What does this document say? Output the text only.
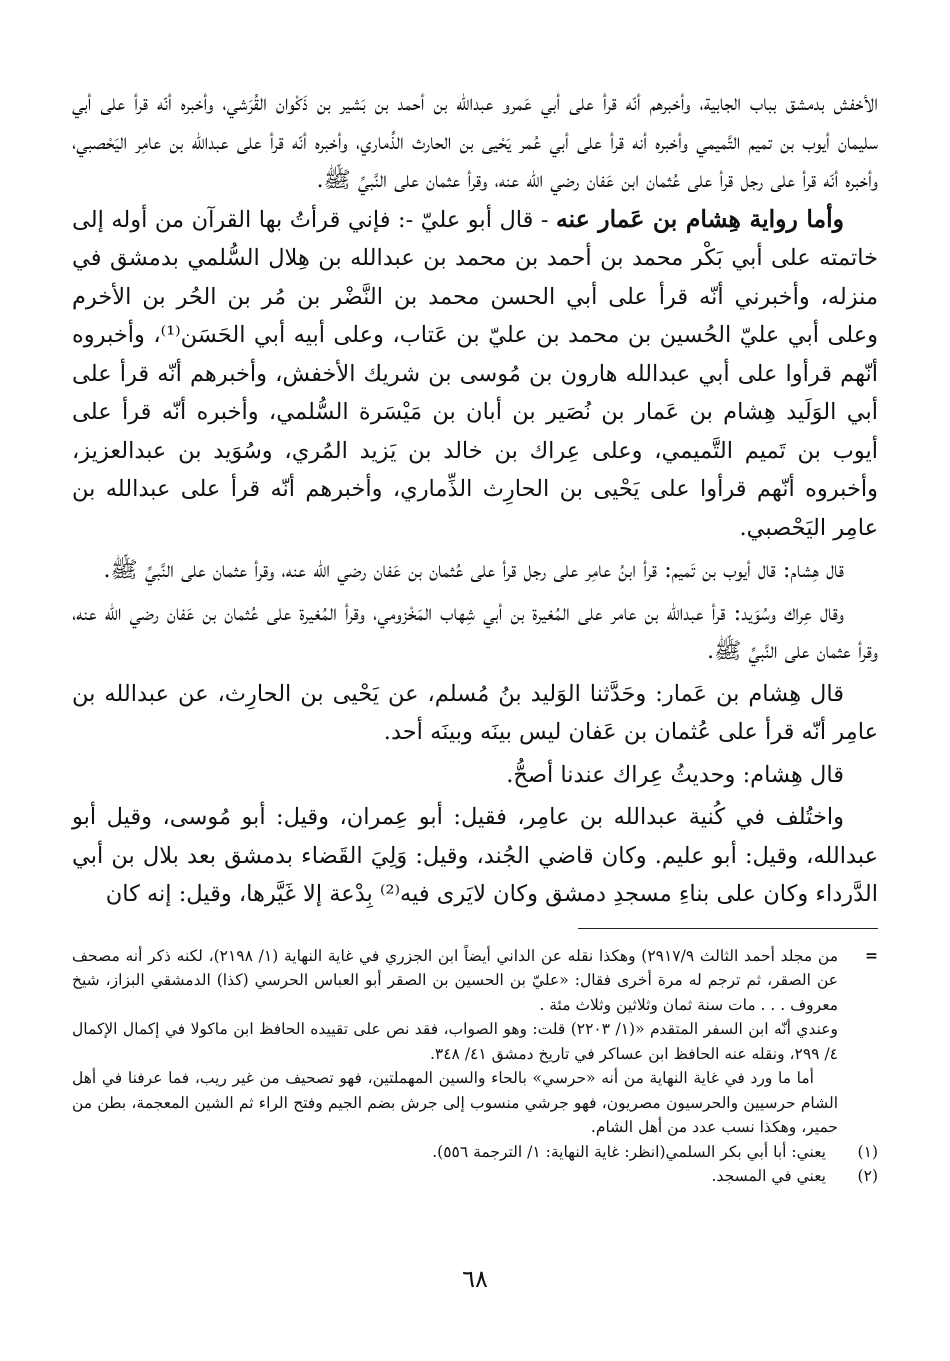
الأخفش بدمشق بباب الجابية، وأخبرهم أنّه قرأ على أبي عَمرو عبدالله بن أحمد بن بَشير بن ذَكْوان القُرَشي، وأخبره أنّه قرأ على أبي سليمان أيوب بن تميم التَّميمي وأخبره أنه قرأ على أبي عُمر يَحْيى بن الحارث الذِّماري، وأخبره أنّه قرأ على عبدالله بن عامِر اليَحْصبي، وأخبره أنّه قرأ على رجل قرأ على عُثمان ابن عَفان رضي الله عنه، وقرأ عثمان على النَّبيِّ ﷺ.

وأما رواية هِشام بن عَمار عنه - قال أبو عليّ -: فإني قرأتُ بها القرآن من أوله إلى خاتمته على أبي بَكْر محمد بن أحمد بن محمد بن عبدالله بن هِلال السُّلمي بدمشق في منزله، وأخبرني أنّه قرأ على أبي الحسن محمد بن النَّضْر بن مُر بن الحُر بن الأخرم وعلى أبي عليّ الحُسين بن محمد بن عليّ بن عَتاب، وعلى أبيه أبي الحَسَن⁽¹⁾، وأخبروه أنّهم قرأوا على أبي عبدالله هارون بن مُوسى بن شريك الأخفش، وأخبرهم أنّه قرأ على أبي الوَلَيد هِشام بن عَمار بن نُصَير بن أبان بن مَيْسَرة السُّلمي، وأخبره أنّه قرأ على أيوب بن تَميم التَّميمي، وعلى عِراك بن خالد بن يَزيد المُري، وسُوَيد بن عبدالعزيز، وأخبروه أنّهم قرأوا على يَحْيى بن الحارِث الذِّماري، وأخبرهم أنّه قرأ على عبدالله بن عامِر اليَحْصبي.

قال هِشام: قال أيوب بن تَميم: قرأ ابنُ عامِر على رجل قرأ على عُثمان بن عَفان رضي الله عنه، وقرأ عثمان على النَّبيِّ ﷺ.

وقال عِراك وسُوَيد: قرأ عبدالله بن عامر على المُغيرة بن أبي شِهاب المَخْزومي، وقرأ المُغيرة على عُثمان بن عَفان رضي الله عنه، وقرأ عثمان على النَّبيِّ ﷺ.

قال هِشام بن عَمار: وحَدَّثنا الوَليد بنُ مُسلم، عن يَحْيى بن الحارِث، عن عبدالله بن عامِر أنّه قرأ على عُثمان بن عَفان ليس بينَه وبينَه أحد.

قال هِشام: وحديثُ عِراك عندنا أصحُّ.

واختُلف في كُنية عبدالله بن عامِر، فقيل: أبو عِمران، وقيل: أبو مُوسى، وقيل أبو عبدالله، وقيل: أبو عليم. وكان قاضي الجُند، وقيل: وَلِيَ القَضاء بدمشق بعد بلال بن أبي الدَّرداء وكان على بناءِ مسجدِ دمشق وكان لايَرى فيه⁽²⁾ بِدْعة إلا غَيَّرها، وقيل: إنه كان

=

من مجلد أحمد الثالث ٢٩١٧/٩) وهكذا نقله عن الداني أيضاً ابن الجزري في غاية النهاية (١/ ٢١٩٨)، لكنه ذكر أنه مصحف عن الصقر، ثم ترجم له مرة أخرى فقال: «عليّ بن الحسين بن الصقر أبو العباس الحرسي (كذا) الدمشقي البزاز، شيخ معروف . . . مات سنة ثمان وثلاثين وثلاث مئة .

وعندي أنّه ابن السفر المتقدم «(١/ ٢٢٠٣) قلت: وهو الصواب، فقد نص على تقييده الحافظ ابن ماكولا في إكمال الإكمال ٤/ ٢٩٩، ونقله عنه الحافظ ابن عساكر في تاريخ دمشق ٤١/ ٣٤٨.

أما ما ورد في غاية النهاية من أنه «حرسي» بالحاء والسين المهملتين، فهو تصحيف من غير ريب، فما عرفنا في أهل الشام حرسيين والحرسيون مصريون، فهو جرشي منسوب إلى جرش بضم الجيم وفتح الراء ثم الشين المعجمة، بطن من حمير، وهكذا نسب عدد من أهل الشام.

(١)
يعني: أبا أبي بكر السلمي(انظر: غاية النهاية: ١/ الترجمة ٥٥٦).
(٢)
يعني في المسجد.
٦٨
